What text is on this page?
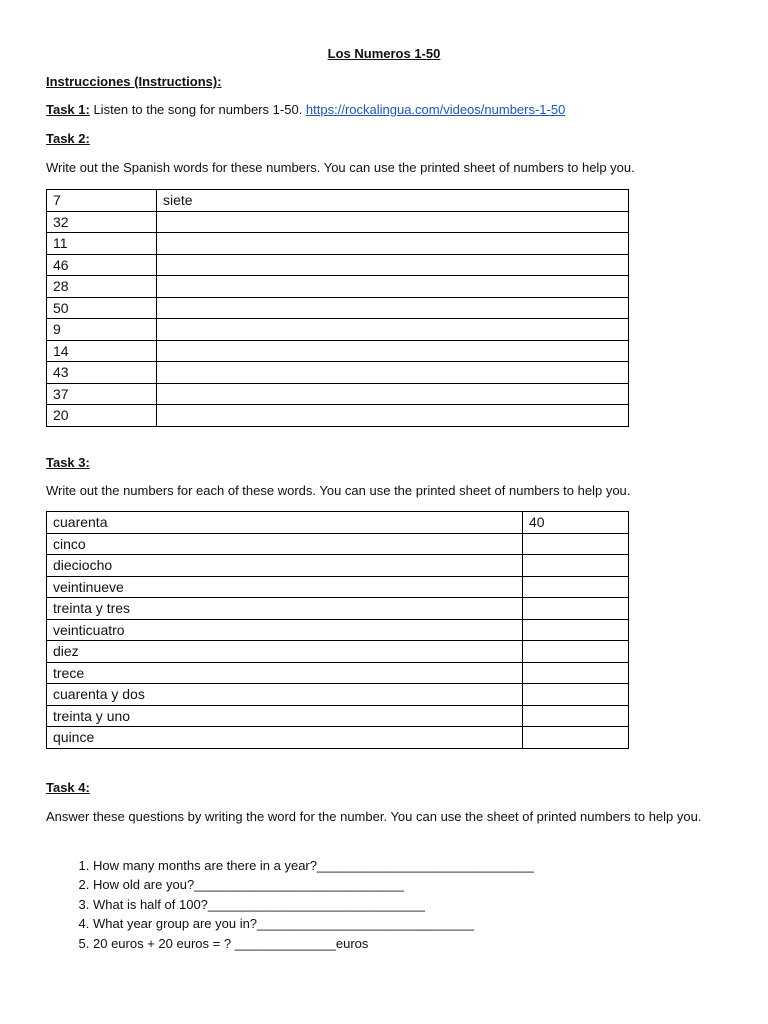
Los Numeros 1-50
Instrucciones (Instructions):
Task 1: Listen to the song for numbers 1-50. https://rockalingua.com/videos/numbers-1-50
Task 2:
Write out the Spanish words for these numbers. You can use the printed sheet of numbers to help you.
7	siete
32	
11	
46	
28	
50	
9	
14	
43	
37	
20	
Task 3:
Write out the numbers for each of these words. You can use the printed sheet of numbers to help you.
cuarenta	40
cinco	
dieciocho	
veintinueve	
treinta y tres	
veinticuatro	
diez	
trece	
cuarenta y dos	
treinta y uno	
quince	
Task 4:
Answer these questions by writing the word for the number. You can use the sheet of printed numbers to help you.
1. How many months are there in a year?______________________________
2. How old are you?_____________________________
3. What is half of 100?______________________________
4. What year group are you in?______________________________
5. 20 euros + 20 euros = ? ______________euros
